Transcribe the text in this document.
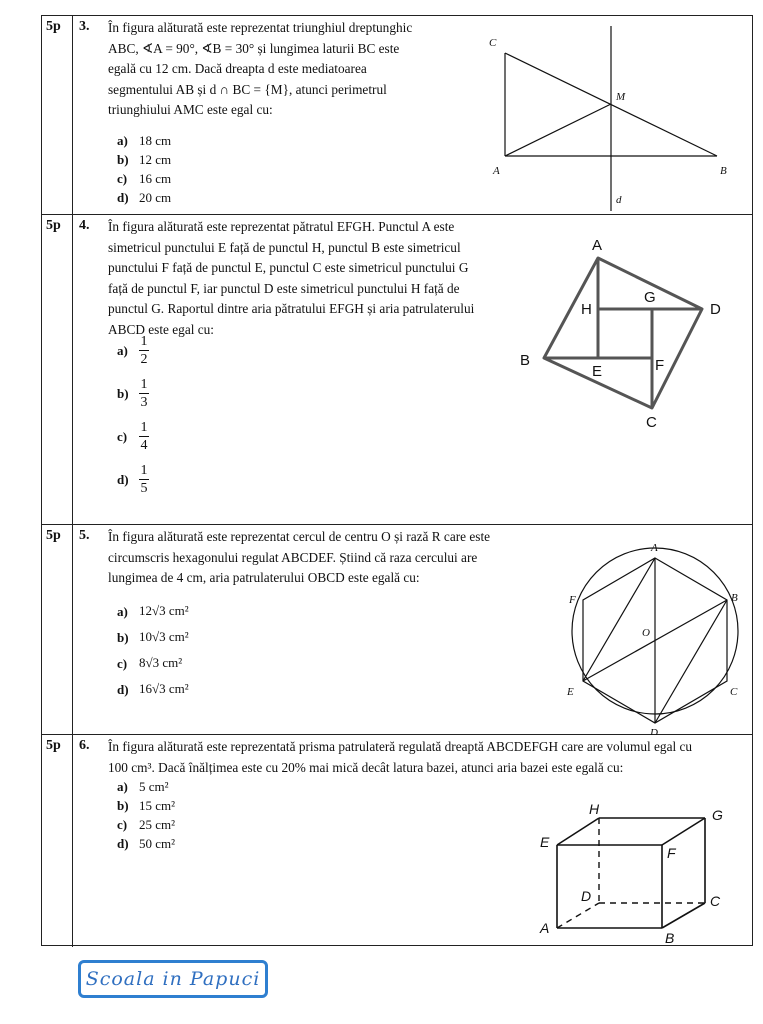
5p 3. În figura alăturată este reprezentat triunghiul dreptunghic
ABC, ∢A = 90°, ∢B = 30° și lungimea laturii BC este
egală cu 12 cm. Dacă dreapta d este mediatoarea
segmentului AB și d ∩ BC = {M}, atunci perimetrul
triunghiului AMC este egal cu:
a) 18 cm
b) 12 cm
c) 16 cm
d) 20 cm
C
M
A	B
d
5p 4. În figura alăturată este reprezentat pătratul EFGH. Punctul A este
simetricul punctului E față de punctul H, punctul B este simetricul
punctului F față de punctul E, punctul C este simetricul punctului G
față de punctul F, iar punctul D este simetricul punctului H față de
punctul G. Raportul dintre aria pătratului EFGH și aria patrulaterului
ABCD este egal cu:
$a) \frac{1}{2}$
$b) \frac{1}{3}$
$c) \frac{1}{4}$
$d) \frac{1}{5}$
A
H
G
D
B
E	F
C
5p 5. În figura alăturată este reprezentat cercul de centru O și rază R care este
circumscris hexagonului regulat ABCDEF. Știind că raza cercului are
lungimea de 4 cm, aria patrulaterului OBCD este egală cu:
a) 12√3 cm²
b) 10√3 cm²
c) 8√3 cm²
d) 16√3 cm²
A
B
C
D
E
F
O
5p 6. În figura alăturată este reprezentată prisma patrulateră regulată dreaptă ABCDEFGH care are volumul egal cu
100 cm³. Dacă înălțimea este cu 20% mai mică decât latura bazei, atunci aria bazei este egală cu:
a) 5 cm²
b) 15 cm²
c) 25 cm²
d) 50 cm²
H	G
E
F
D	C
A
B
Scoala in Papuci
